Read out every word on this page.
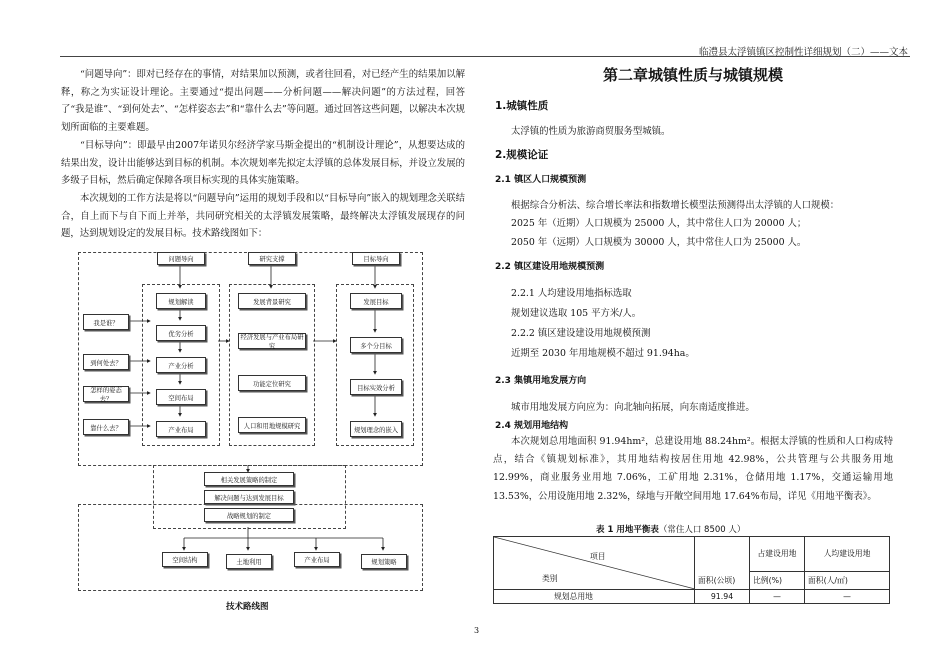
临澧县太浮镇镇区控制性详细规划（二）——文本

“问题导向”：即对已经存在的事情，对结果加以预测，或者往回看，对已经产生的结果加以解释，称之为实证设计理论。主要通过“提出问题——分析问题——解决问题”的方法过程，回答了“我是谁”、“到何处去”、“怎样姿态去”和“靠什么去”等问题。通过回答这些问题，以解决本次规划所面临的主要难题。

“目标导向”：即最早由2007年诺贝尔经济学家马斯金提出的“机制设计理论”，从想要达成的结果出发，设计出能够达到目标的机制。本次规划率先拟定太浮镇的总体发展目标，并设立发展的多级子目标，然后确定保障各项目标实现的具体实施策略。

本次规划的工作方法是将以“问题导向”运用的规划手段和以“目标导向”嵌入的规划理念关联结合，自上而下与自下而上并举，共同研究相关的太浮镇发展策略，最终解决太浮镇发展现存的问题，达到规划设定的发展目标。技术路线图如下：

问题导向	研究支撑	目标导向
规划解读
优劣分析
产业分析
空间布局
产业布局
我是谁？
到何处去？
怎样的姿态去？
靠什么去？
发展背景研究
经济发展与产业布局研究
功能定位研究
人口和用地规模研究
发展目标
多个分目标
目标实效分析
规划理念的嵌入
相关发展策略的制定
解决问题与达到发展目标
战略规划的制定
空间结构	土地利用	产业布局	规划策略
技术路线图
第二章城镇性质与城镇规模
1.城镇性质
太浮镇的性质为旅游商贸服务型城镇。
2.规模论证
2.1 镇区人口规模预测
根据综合分析法、综合增长率法和指数增长模型法预测得出太浮镇的人口规模：
2025 年（近期）人口规模为 25000 人，其中常住人口为 20000 人；
2050 年（远期）人口规模为 30000 人，其中常住人口为 25000 人。
2.2 镇区建设用地规模预测
2.2.1 人均建设用地指标选取
规划建议选取 105 平方米/人。
2.2.2 镇区建设建设用地规模预测
近期至 2030 年用地规模不超过 91.94ha。
2.3 集镇用地发展方向
城市用地发展方向应为：向北轴向拓展，向东南适度推进。
2.4 规划用地结构

本次规划总用地面积 91.94hm²，总建设用地 88.24hm²。根据太浮镇的性质和人口构成特点，结合《镇规划标准》，其用地结构按居住用地 42.98%，公共管理与公共服务用地 12.99%，商业服务业用地 7.06%，工矿用地 2.31%，仓储用地 1.17%，交通运输用地 13.53%，公用设施用地 2.32%，绿地与开敞空间用地 17.64%布局，详见《用地平衡表》。

表 1 用地平衡表（常住人口 8500 人）
项目
类别	面积(公顷)	占建设用地	人均建设用地
		比例(%)	面积(人/㎡)
规划总用地	91.94	—	—
3
